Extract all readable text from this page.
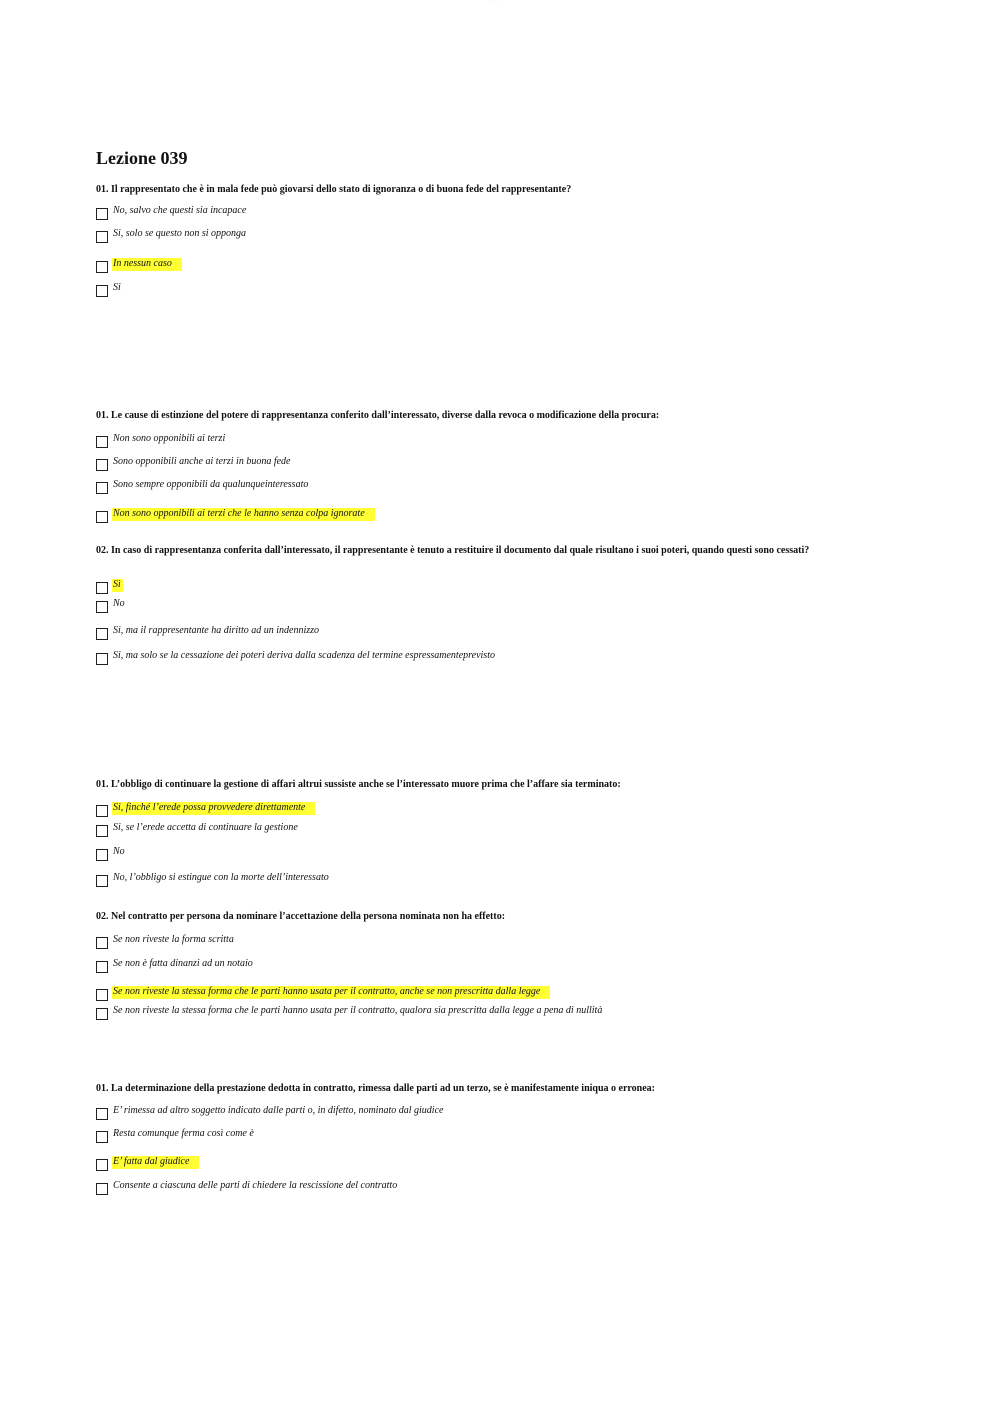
· · · ·
Lezione 039
01. Il rappresentato che è in mala fede può giovarsi dello stato di ignoranza o di buona fede del rappresentante?
No, salvo che questi sia incapace
Si, solo se questo non si opponga
In nessun caso
Si
01. Le cause di estinzione del potere di rappresentanza conferito dall’interessato, diverse dalla revoca o modificazione della procura:
Non sono opponibili ai terzi
Sono opponibili anche ai terzi in buona fede
Sono sempre opponibili da qualunqueinteressato
Non sono opponibili ai terzi che le hanno senza colpa ignorate
02. In caso di rappresentanza conferita dall’interessato, il rappresentante è tenuto a restituire il documento dal quale risultano i suoi poteri, quando questi sono cessati?
Sì
No
Si, ma il rappresentante ha diritto ad un indennizzo
Si, ma solo se la cessazione dei poteri deriva dalla scadenza del termine espressamenteprevisto
01. L’obbligo di continuare la gestione di affari altrui sussiste anche se l’interessato muore prima che l’affare sia terminato:
Si, finché l’erede possa provvedere direttamente
Si, se l’erede accetta di continuare la gestione
No
No, l’obbligo si estingue con la morte dell’interessato
02. Nel contratto per persona da nominare l’accettazione della persona nominata non ha effetto:
Se non riveste la forma scritta
Se non è fatta dinanzi ad un notaio
Se non riveste la stessa forma che le parti hanno usata per il contratto, anche se non prescritta dalla legge
Se non riveste la stessa forma che le parti hanno usata per il contratto, qualora sia prescritta dalla legge a pena di nullità
01. La determinazione della prestazione dedotta in contratto, rimessa dalle parti ad un terzo, se è manifestamente iniqua o erronea:
E’ rimessa ad altro soggetto indicato dalle parti o, in difetto, nominato dal giudice
Resta comunque ferma così come è
E’ fatta dal giudice
Consente a ciascuna delle parti di chiedere la rescissione del contratto
